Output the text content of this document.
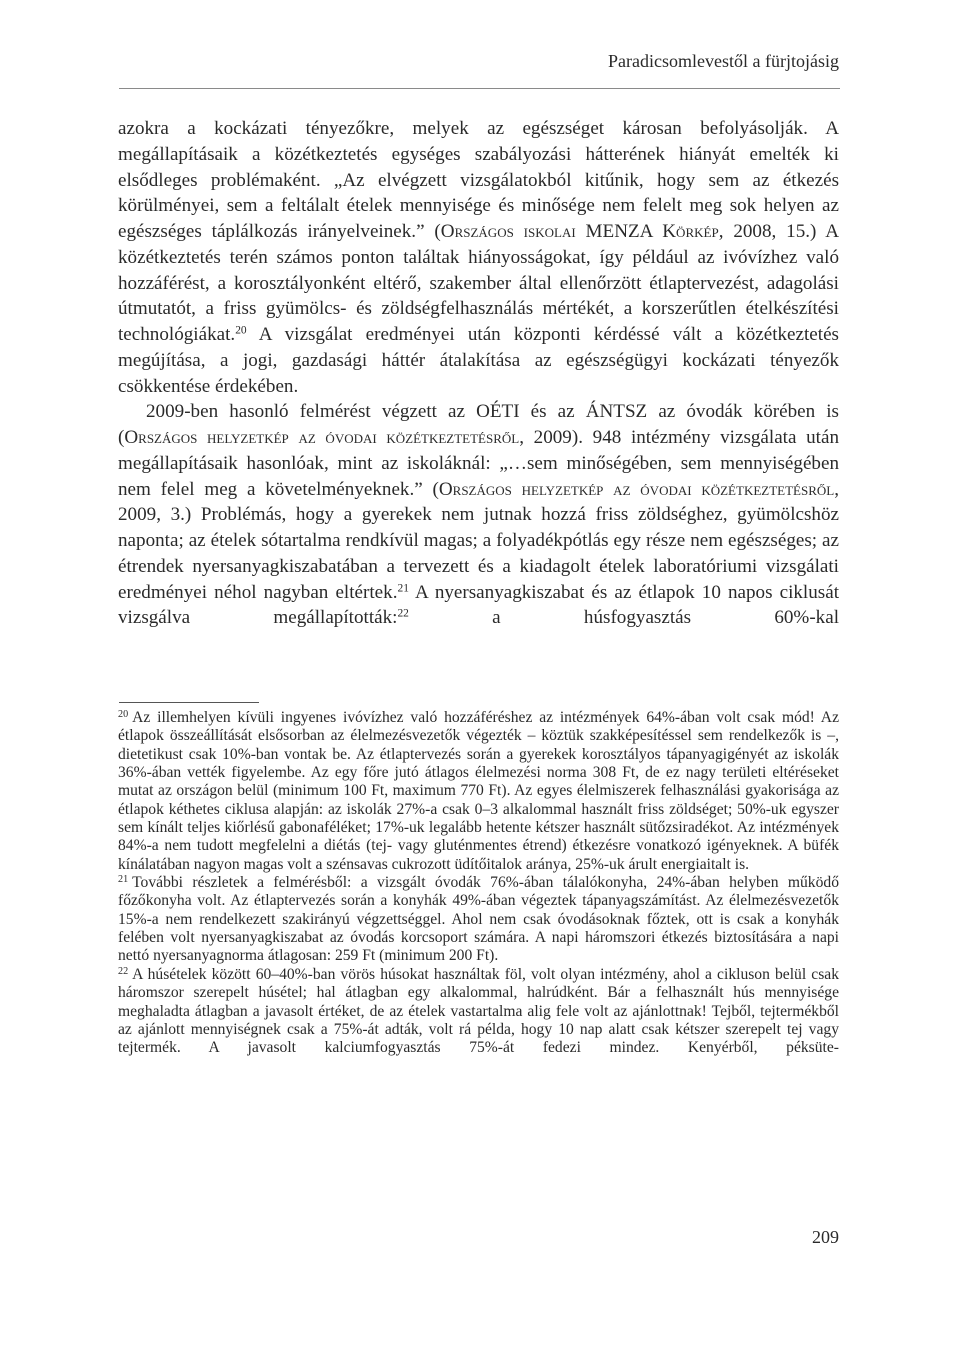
Paradicsomlevestől a fürjtojásig

azokra a kockázati tényezőkre, melyek az egészséget károsan befolyásolják. A megállapításaik a közétkeztetés egységes szabályozási hátterének hiányát emelték ki elsődleges problémaként. „Az elvégzett vizsgálatokból kitűnik, hogy sem az étkezés körülményei, sem a feltálalt ételek mennyisége és minősége nem felelt meg sok helyen az egészséges táplálkozás irányelveinek.” (Országos iskolai MENZA Körkép, 2008, 15.) A közétkeztetés terén számos ponton találtak hiányosságokat, így például az ivóvízhez való hozzáférést, a korosztályonként eltérő, szakember által ellenőrzött étlaptervezést, adagolási útmutatót, a friss gyümölcs- és zöldségfelhasználás mértékét, a korszerűtlen ételkészítési technológiákat.$^{20}$ A vizsgálat eredményei után központi kérdéssé vált a közétkeztetés megújítása, a jogi, gazdasági háttér átalakítása az egészségügyi kockázati tényezők csökkentése érdekében.

2009-ben hasonló felmérést végzett az OÉTI és az ÁNTSZ az óvodák körében is (Országos helyzetkép az óvodai közétkeztetésről, 2009). 948 intézmény vizsgálata után megállapításaik hasonlóak, mint az iskoláknál: „…sem minőségében, sem mennyiségében nem felel meg a követelményeknek.” (Országos helyzetkép az óvodai közétkeztetésről, 2009, 3.) Problémás, hogy a gyerekek nem jutnak hozzá friss zöldséghez, gyümölcshöz naponta; az ételek sótartalma rendkívül magas; a folyadékpótlás egy része nem egészséges; az étrendek nyersanyagkiszabatában a tervezett és a kiadagolt ételek laboratóriumi vizsgálati eredményei néhol nagyban eltértek.$^{21}$ A nyersanyagkiszabat és az étlapok 10 napos ciklusát vizsgálva megállapították:$^{22}$ a húsfogyasztás 60%-kal

$^{20}$ Az illemhelyen kívüli ingyenes ivóvízhez való hozzáféréshez az intézmények 64%-ában volt csak mód! Az étlapok összeállítását elsősorban az élelmezésvezetők végezték – köztük szakképesítéssel sem rendelkezők is –, dietetikust csak 10%-ban vontak be. Az étlaptervezés során a gyerekek korosztályos tápanyagigényét az iskolák 36%-ában vették figyelembe. Az egy főre jutó átlagos élelmezési norma 308 Ft, de ez nagy területi eltéréseket mutat az országon belül (minimum 100 Ft, maximum 770 Ft). Az egyes élelmiszerek felhasználási gyakorisága az étlapok kéthetes ciklusa alapján: az iskolák 27%-a csak 0–3 alkalommal használt friss zöldséget; 50%-uk egyszer sem kínált teljes kiőrlésű gabonaféléket; 17%-uk legalább hetente kétszer használt sütőzsiradékot. Az intézmények 84%-a nem tudott megfelelni a diétás (tej- vagy gluténmentes étrend) étkezésre vonatkozó igényeknek. A büfék kínálatában nagyon magas volt a szénsavas cukrozott üdítőitalok aránya, 25%-uk árult energiaitalt is.

$^{21}$ További részletek a felmérésből: a vizsgált óvodák 76%-ában tálalókonyha, 24%-ában helyben működő főzőkonyha volt. Az étlaptervezés során a konyhák 49%-ában végeztek tápanyagszámítást. Az élelmezésvezetők 15%-a nem rendelkezett szakirányú végzettséggel. Ahol nem csak óvodásoknak főztek, ott is csak a konyhák felében volt nyersanyagkiszabat az óvodás korcsoport számára. A napi háromszori étkezés biztosítására a napi nettó nyersanyagnorma átlagosan: 259 Ft (minimum 200 Ft).

$^{22}$ A húsételek között 60–40%-ban vörös húsokat használtak föl, volt olyan intézmény, ahol a cikluson belül csak háromszor szerepelt húsétel; hal átlagban egy alkalommal, halrúdként. Bár a felhasznált hús mennyisége meghaladta átlagban a javasolt értéket, de az ételek vastartalma alig fele volt az ajánlottnak! Tejből, tejtermékből az ajánlott mennyiségnek csak a 75%-át adták, volt rá példa, hogy 10 nap alatt csak kétszer szerepelt tej vagy tejtermék. A javasolt kalciumfogyasztás 75%-át fedezi mindez. Kenyérből, péksüte-

209
